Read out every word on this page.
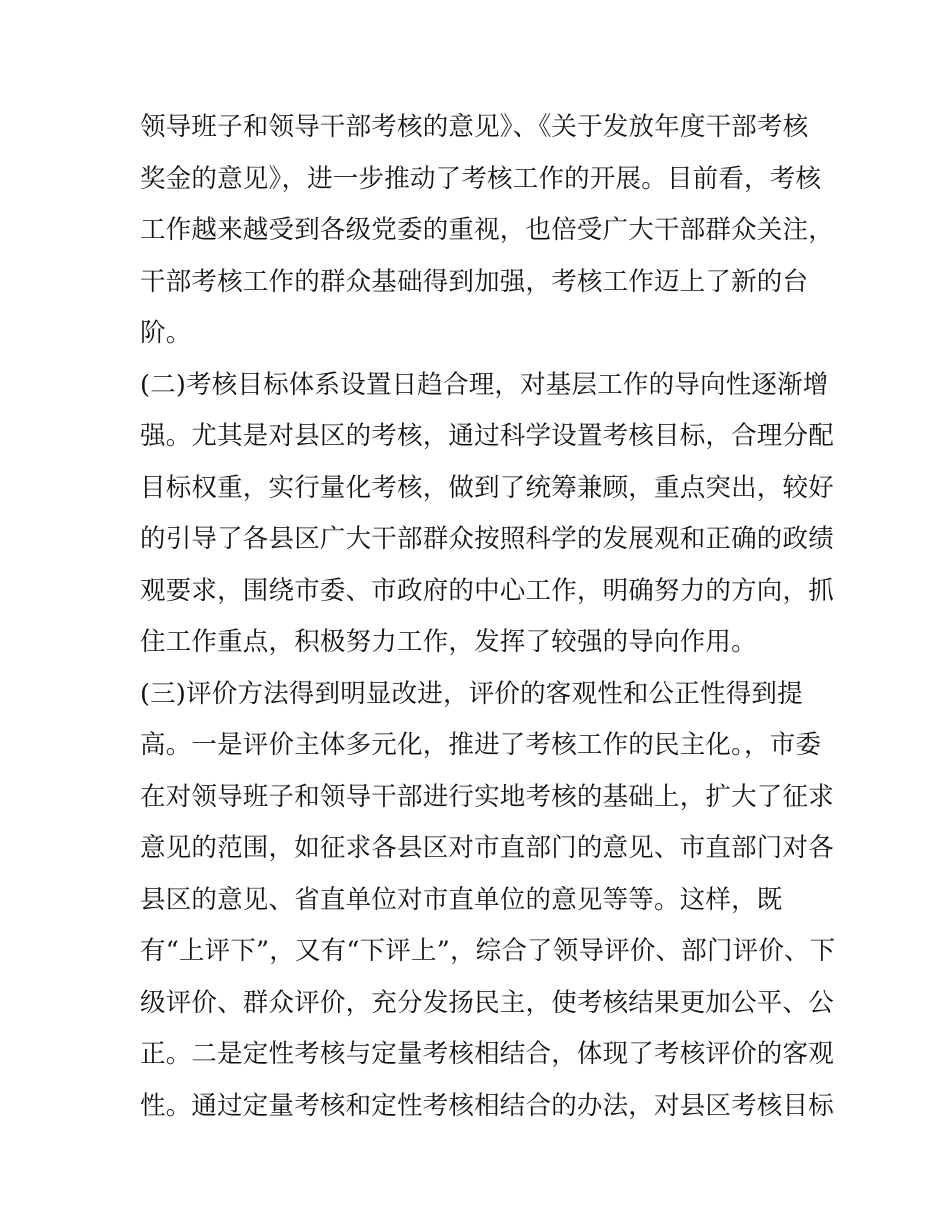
领导班子和领导干部考核的意见》、《关于发放年度干部考核
奖金的意见》，进一步推动了考核工作的开展。目前看，考核
工作越来越受到各级党委的重视，也倍受广大干部群众关注，
干部考核工作的群众基础得到加强，考核工作迈上了新的台
阶。
(二)考核目标体系设置日趋合理，对基层工作的导向性逐渐增
强。尤其是对县区的考核，通过科学设置考核目标，合理分配
目标权重，实行量化考核，做到了统筹兼顾，重点突出，较好
的引导了各县区广大干部群众按照科学的发展观和正确的政绩
观要求，围绕市委、市政府的中心工作，明确努力的方向，抓
住工作重点，积极努力工作，发挥了较强的导向作用。
(三)评价方法得到明显改进，评价的客观性和公正性得到提
高。一是评价主体多元化，推进了考核工作的民主化。，市委
在对领导班子和领导干部进行实地考核的基础上，扩大了征求
意见的范围，如征求各县区对市直部门的意见、市直部门对各
县区的意见、省直单位对市直单位的意见等等。这样，既
有“上评下”，又有“下评上”，综合了领导评价、部门评价、下
级评价、群众评价，充分发扬民主，使考核结果更加公平、公
正。二是定性考核与定量考核相结合，体现了考核评价的客观
性。通过定量考核和定性考核相结合的办法，对县区考核目标
